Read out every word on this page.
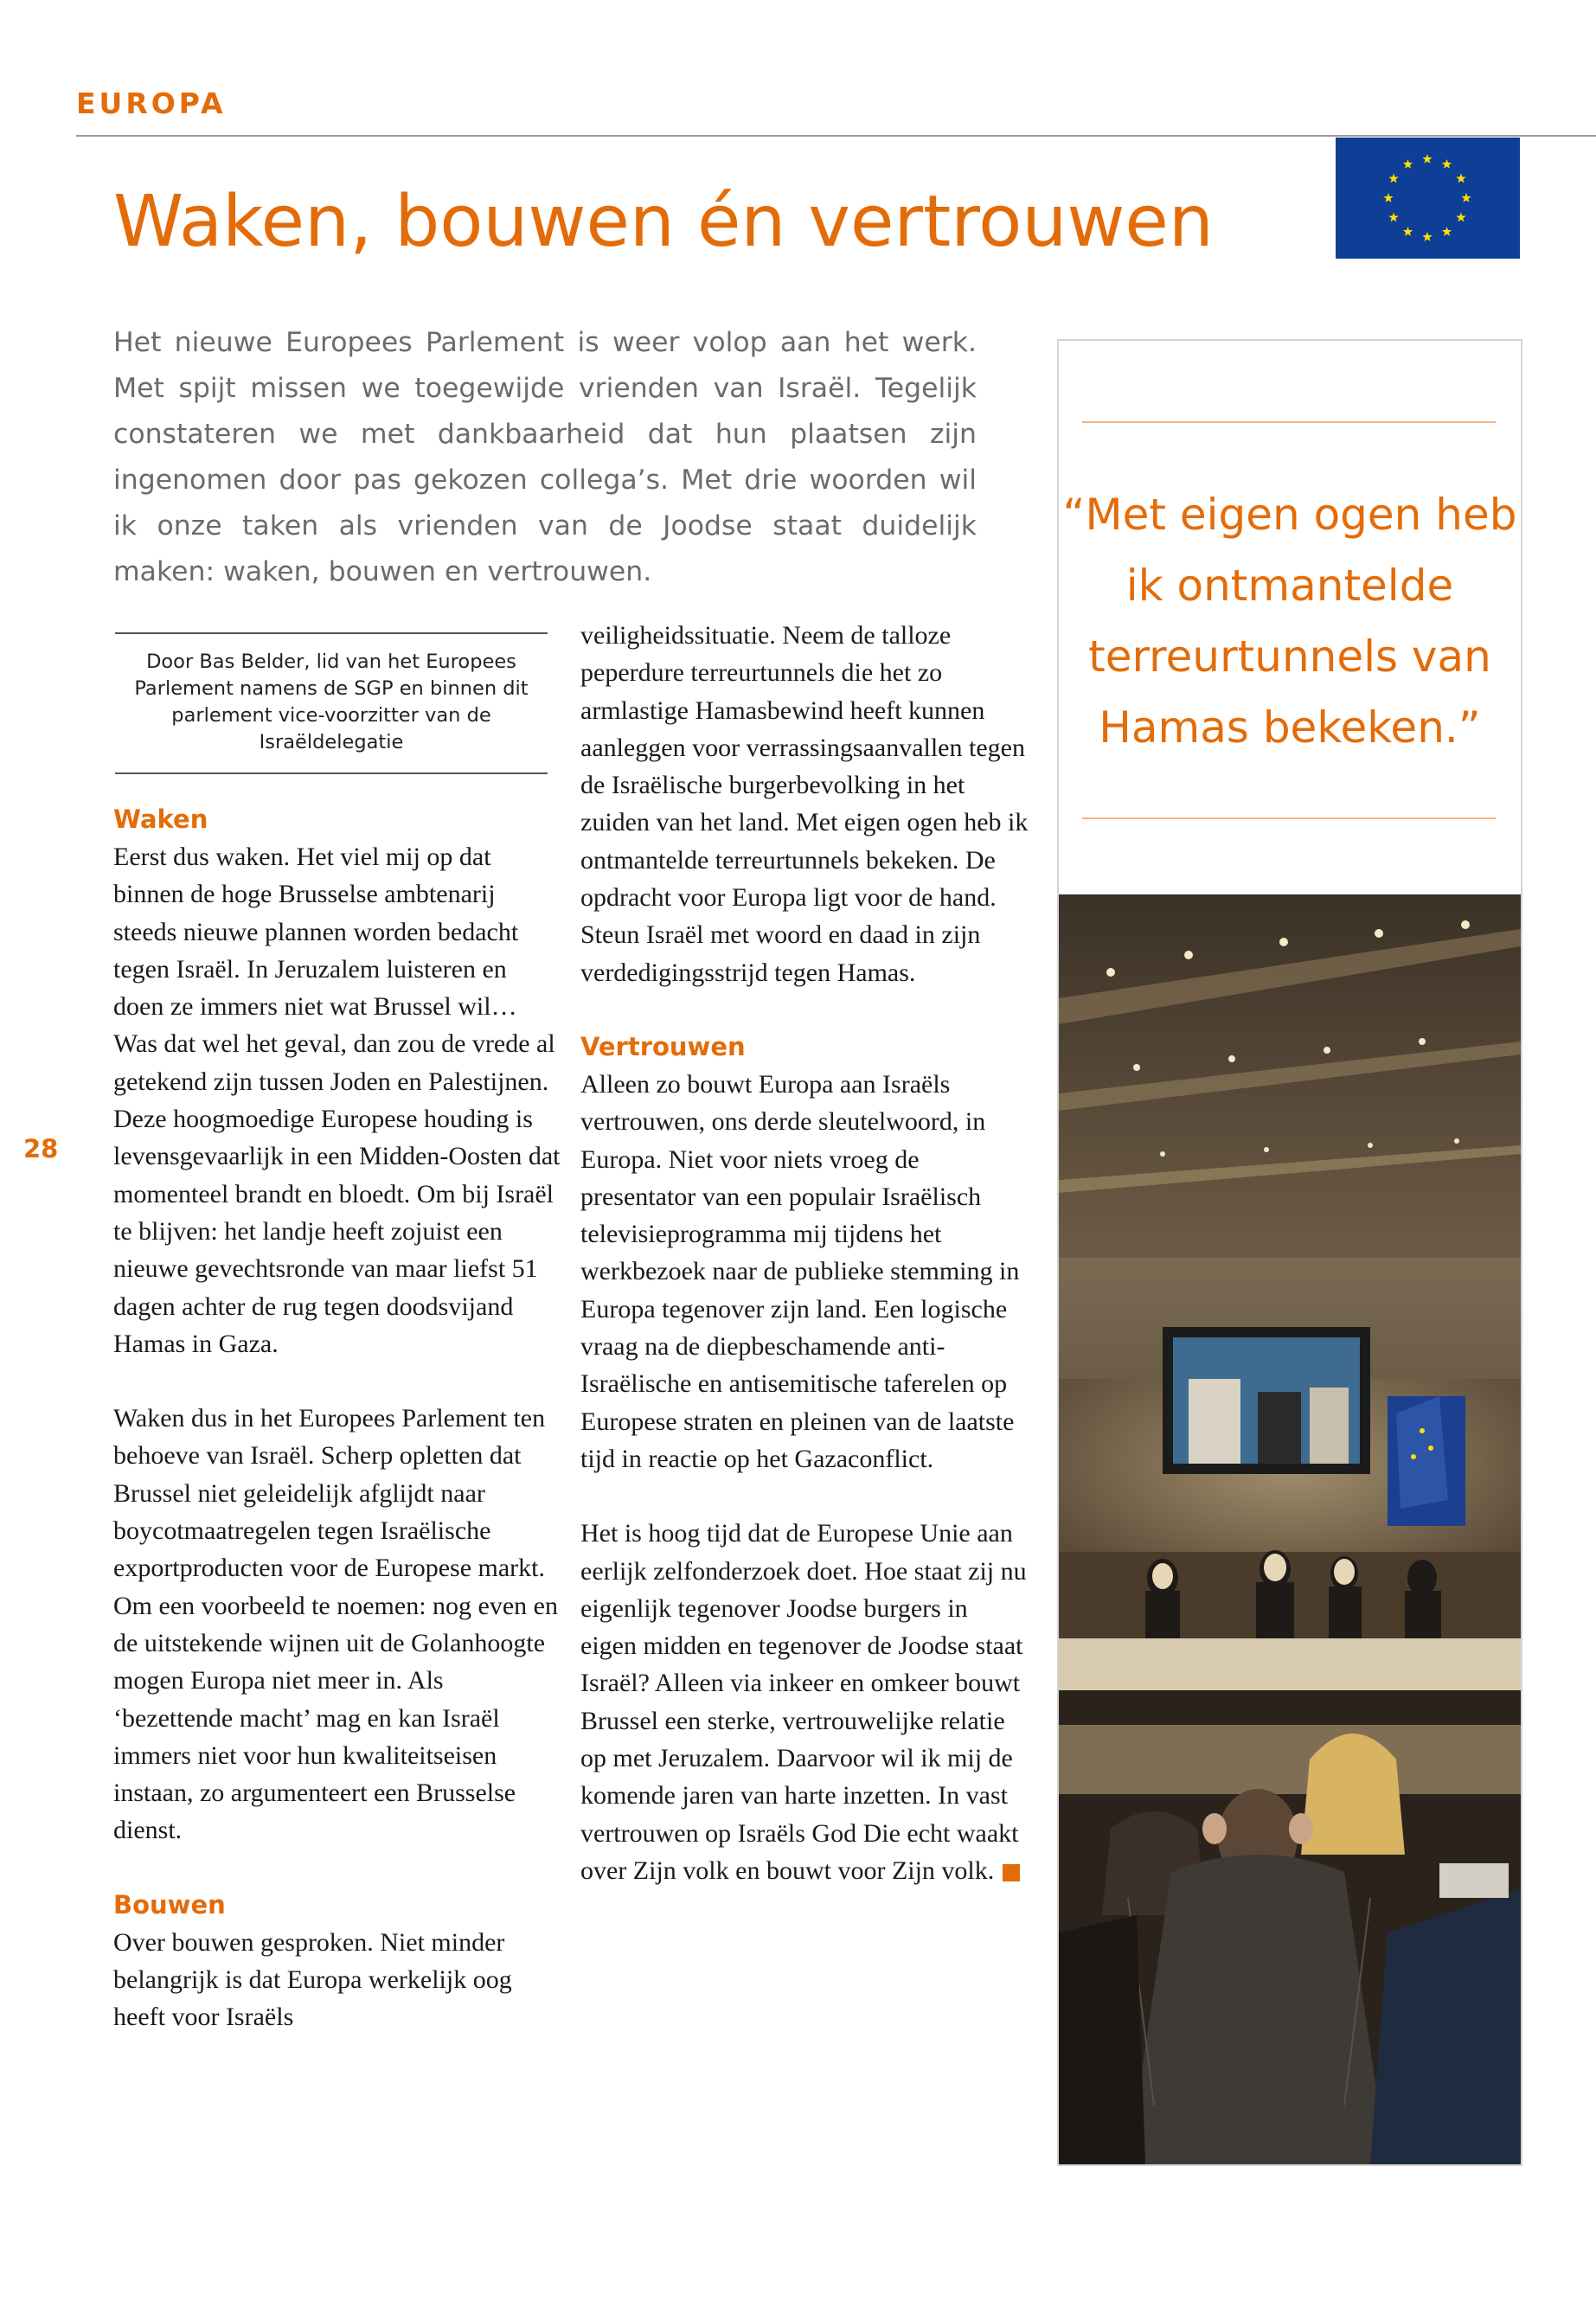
EUROPA
Waken, bouwen én vertrouwen

Het nieuwe Europees Parlement is weer volop aan het werk. Met spijt missen we toegewijde vrienden van Israël. Tegelijk constateren we met dankbaarheid dat hun plaatsen zijn ingenomen door pas gekozen collega’s. Met drie woorden wil ik onze taken als vrienden van de Joodse staat duidelijk maken: waken, bouwen en vertrouwen.

Door Bas Belder, lid van het Europees Parlement namens de SGP en binnen dit parlement vice-voorzitter van de Israëldelegatie
Waken

Eerst dus waken. Het viel mij op dat binnen de hoge Brusselse ambtenarij steeds nieuwe plannen worden bedacht tegen Israël. In Jeruzalem luisteren en doen ze immers niet wat Brussel wil… Was dat wel het geval, dan zou de vrede al getekend zijn tussen Joden en Palestijnen. Deze hoogmoedige Europese houding is levensgevaarlijk in een Midden-Oosten dat momenteel brandt en bloedt. Om bij Israël te blijven: het landje heeft zojuist een nieuwe gevechtsronde van maar liefst 51 dagen achter de rug tegen doodsvijand Hamas in Gaza.

Waken dus in het Europees Parlement ten behoeve van Israël. Scherp opletten dat Brussel niet geleidelijk afglijdt naar boycotmaatregelen tegen Israëlische exportproducten voor de Europese markt. Om een voorbeeld te noemen: nog even en de uitstekende wijnen uit de Golanhoogte mogen Europa niet meer in. Als ‘bezettende macht’ mag en kan Israël immers niet voor hun kwaliteitseisen instaan, zo argumenteert een Brusselse dienst.

Bouwen

Over bouwen gesproken. Niet minder belangrijk is dat Europa werkelijk oog heeft voor Israëls

veiligheidssituatie. Neem de talloze peperdure terreurtunnels die het zo armlastige Hamasbewind heeft kunnen aanleggen voor verrassingsaanvallen tegen de Israëlische burgerbevolking in het zuiden van het land. Met eigen ogen heb ik ontmantelde terreurtunnels bekeken. De opdracht voor Europa ligt voor de hand. Steun Israël met woord en daad in zijn verdedigingsstrijd tegen Hamas.

Vertrouwen

Alleen zo bouwt Europa aan Israëls vertrouwen, ons derde sleutelwoord, in Europa. Niet voor niets vroeg de presentator van een populair Israëlisch televisieprogramma mij tijdens het werkbezoek naar de publieke stemming in Europa tegenover zijn land. Een logische vraag na de diepbeschamende anti-Israëlische en antisemitische taferelen op Europese straten en pleinen van de laatste tijd in reactie op het Gazaconflict.

Het is hoog tijd dat de Europese Unie aan eerlijk zelfonderzoek doet. Hoe staat zij nu eigenlijk tegenover Joodse burgers in eigen midden en tegenover de Joodse staat Israël? Alleen via inkeer en omkeer bouwt Brussel een sterke, vertrouwelijke relatie op met Jeruzalem. Daarvoor wil ik mij de komende jaren van harte inzetten. In vast vertrouwen op Israëls God Die echt waakt over Zijn volk en bouwt voor Zijn volk.

28

“Met eigen ogen heb ik ontmantelde terreurtunnels van Hamas bekeken.”
